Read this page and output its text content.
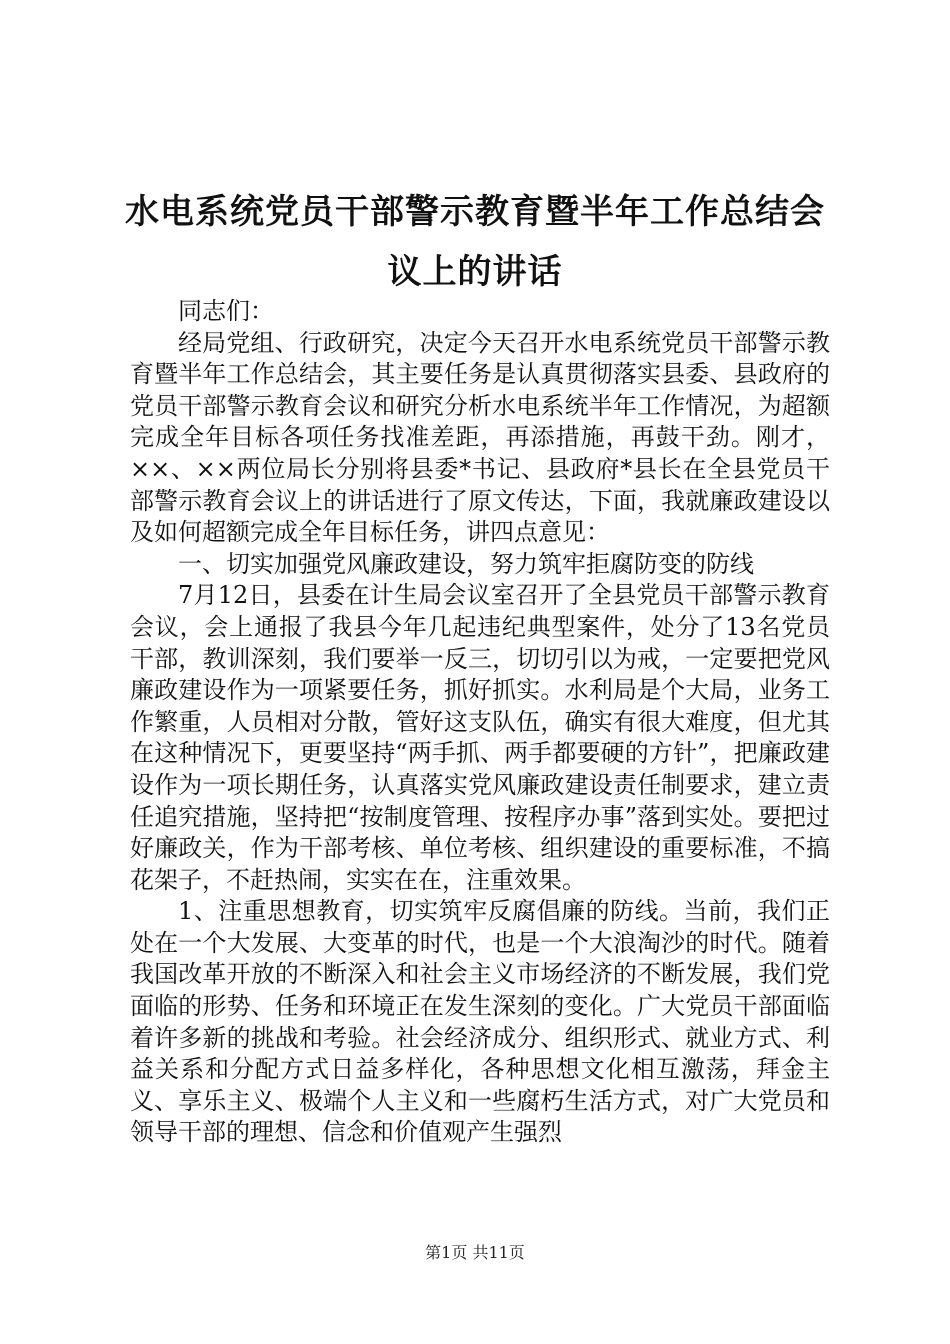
水电系统党员干部警示教育暨半年工作总结会议上的讲话

同志们：

经局党组、行政研究，决定今天召开水电系统党员干部警示教育暨半年工作总结会，其主要任务是认真贯彻落实县委、县政府的党员干部警示教育会议和研究分析水电系统半年工作情况，为超额完成全年目标各项任务找准差距，再添措施，再鼓干劲。刚才，××、××两位局长分别将县委*书记、县政府*县长在全县党员干部警示教育会议上的讲话进行了原文传达，下面，我就廉政建设以及如何超额完成全年目标任务，讲四点意见：

一、切实加强党风廉政建设，努力筑牢拒腐防变的防线

7月12日，县委在计生局会议室召开了全县党员干部警示教育会议，会上通报了我县今年几起违纪典型案件，处分了13名党员干部，教训深刻，我们要举一反三，切切引以为戒，一定要把党风廉政建设作为一项紧要任务，抓好抓实。水利局是个大局，业务工作繁重，人员相对分散，管好这支队伍，确实有很大难度，但尤其在这种情况下，更要坚持“两手抓、两手都要硬的方针”，把廉政建设作为一项长期任务，认真落实党风廉政建设责任制要求，建立责任追究措施，坚持把“按制度管理、按程序办事”落到实处。要把过好廉政关，作为干部考核、单位考核、组织建设的重要标准，不搞花架子，不赶热闹，实实在在，注重效果。

1、注重思想教育，切实筑牢反腐倡廉的防线。当前，我们正处在一个大发展、大变革的时代，也是一个大浪淘沙的时代。随着我国改革开放的不断深入和社会主义市场经济的不断发展，我们党面临的形势、任务和环境正在发生深刻的变化。广大党员干部面临着许多新的挑战和考验。社会经济成分、组织形式、就业方式、利益关系和分配方式日益多样化，各种思想文化相互激荡，拜金主义、享乐主义、极端个人主义和一些腐朽生活方式，对广大党员和领导干部的理想、信念和价值观产生强烈

第1页 共11页
